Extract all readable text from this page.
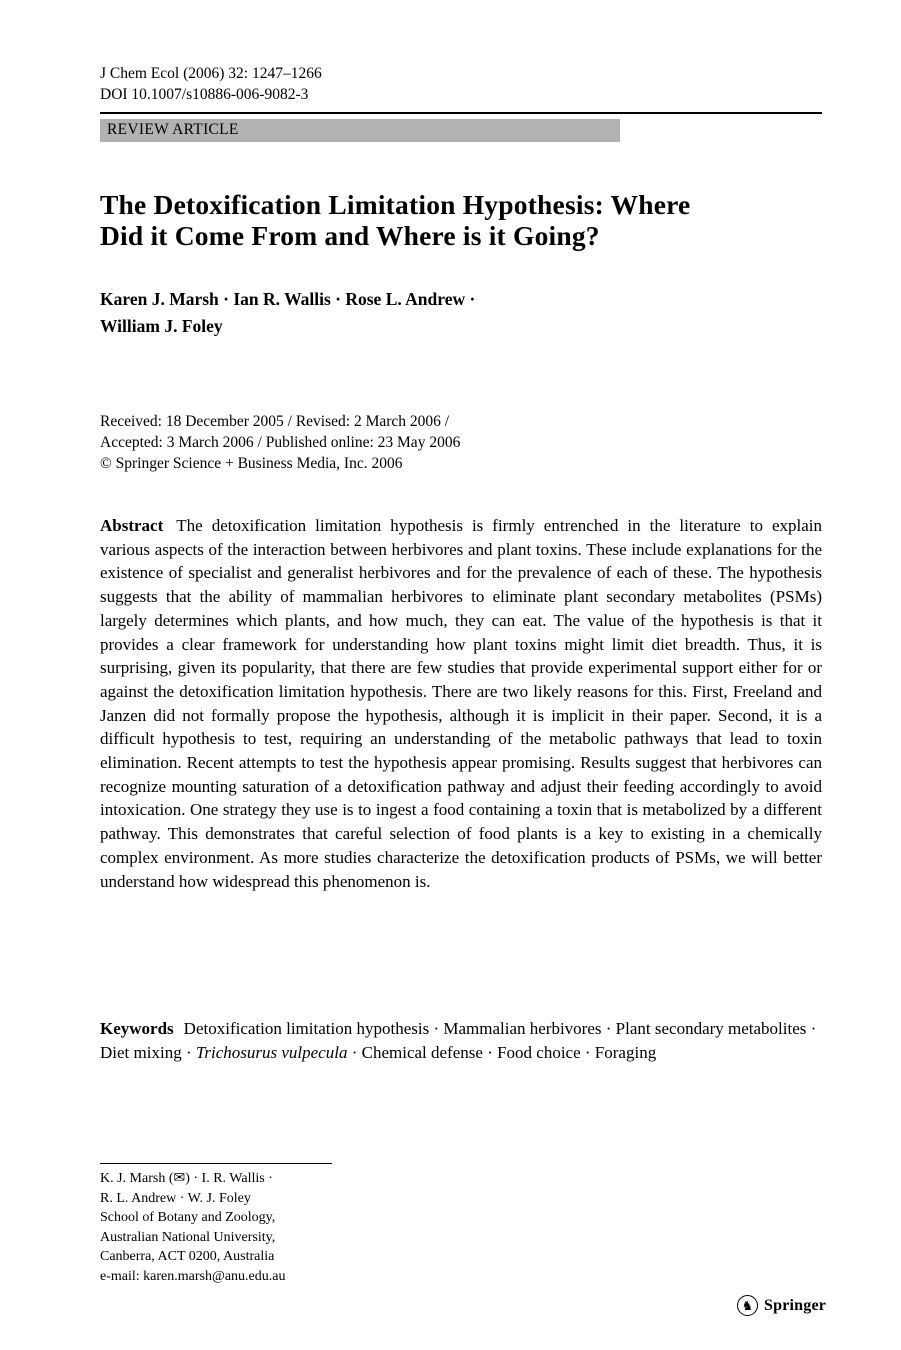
J Chem Ecol (2006) 32: 1247–1266
DOI 10.1007/s10886-006-9082-3
REVIEW ARTICLE
The Detoxification Limitation Hypothesis: Where
Did it Come From and Where is it Going?
Karen J. Marsh · Ian R. Wallis · Rose L. Andrew ·
William J. Foley
Received: 18 December 2005 / Revised: 2 March 2006 /
Accepted: 3 March 2006 / Published online: 23 May 2006
© Springer Science + Business Media, Inc. 2006

Abstract The detoxification limitation hypothesis is firmly entrenched in the literature to explain various aspects of the interaction between herbivores and plant toxins. These include explanations for the existence of specialist and generalist herbivores and for the prevalence of each of these. The hypothesis suggests that the ability of mammalian herbivores to eliminate plant secondary metabolites (PSMs) largely determines which plants, and how much, they can eat. The value of the hypothesis is that it provides a clear framework for understanding how plant toxins might limit diet breadth. Thus, it is surprising, given its popularity, that there are few studies that provide experimental support either for or against the detoxification limitation hypothesis. There are two likely reasons for this. First, Freeland and Janzen did not formally propose the hypothesis, although it is implicit in their paper. Second, it is a difficult hypothesis to test, requiring an understanding of the metabolic pathways that lead to toxin elimination. Recent attempts to test the hypothesis appear promising. Results suggest that herbivores can recognize mounting saturation of a detoxification pathway and adjust their feeding accordingly to avoid intoxication. One strategy they use is to ingest a food containing a toxin that is metabolized by a different pathway. This demonstrates that careful selection of food plants is a key to existing in a chemically complex environment. As more studies characterize the detoxification products of PSMs, we will better understand how widespread this phenomenon is.

Keywords Detoxification limitation hypothesis · Mammalian herbivores · Plant secondary metabolites · Diet mixing · Trichosurus vulpecula · Chemical defense · Food choice · Foraging

K. J. Marsh (✉) · I. R. Wallis ·
R. L. Andrew · W. J. Foley
School of Botany and Zoology,
Australian National University,
Canberra, ACT 0200, Australia
e-mail: karen.marsh@anu.edu.au
♞ Springer
